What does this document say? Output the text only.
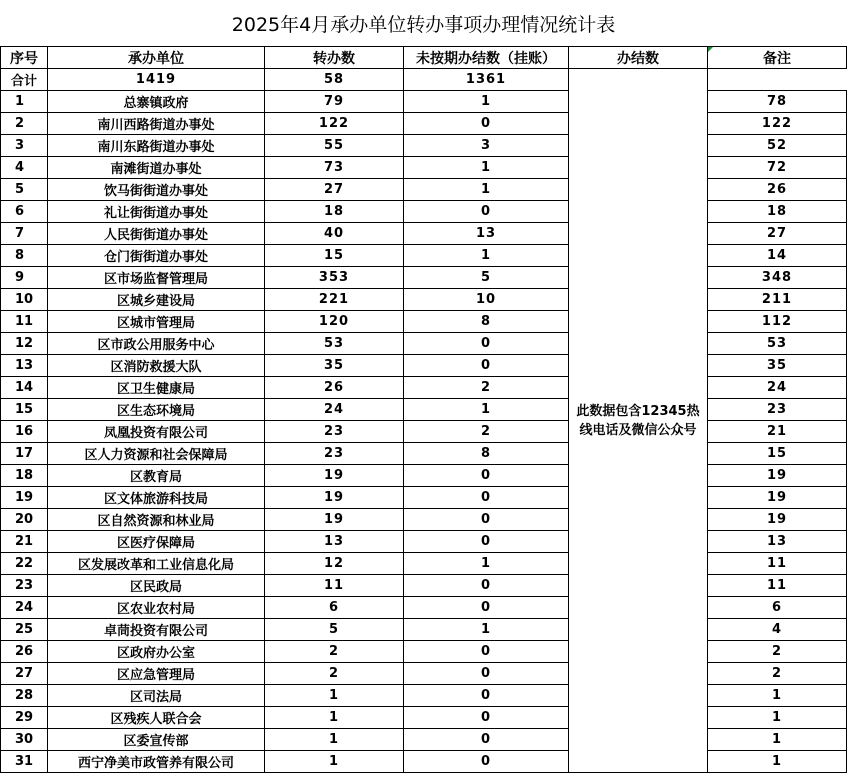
2025年4月承办单位转办事项办理情况统计表
序号	承办单位	转办数	未按期办结数（挂账）	办结数	备注
合计	1419	58	1361	此数据包含12345热线电话及微信公众号	
1	总寨镇政府	79	1		78
2	南川西路街道办事处	122	0		122
3	南川东路街道办事处	55	3		52
4	南滩街道办事处	73	1		72
5	饮马街街道办事处	27	1		26
6	礼让街街道办事处	18	0		18
7	人民街街道办事处	40	13		27
8	仓门街街道办事处	15	1		14
9	区市场监督管理局	353	5		348
10	区城乡建设局	221	10		211
11	区城市管理局	120	8		112
12	区市政公用服务中心	53	0		53
13	区消防救援大队	35	0		35
14	区卫生健康局	26	2		24
15	区生态环境局	24	1		23
16	凤凰投资有限公司	23	2		21
17	区人力资源和社会保障局	23	8		15
18	区教育局	19	0		19
19	区文体旅游科技局	19	0		19
20	区自然资源和林业局	19	0		19
21	区医疗保障局	13	0		13
22	区发展改革和工业信息化局	12	1		11
23	区民政局	11	0		11
24	区农业农村局	6	0		6
25	卓茼投资有限公司	5	1		4
26	区政府办公室	2	0		2
27	区应急管理局	2	0		2
28	区司法局	1	0		1
29	区残疾人联合会	1	0		1
30	区委宣传部	1	0		1
31	西宁净美市政管养有限公司	1	0		1
